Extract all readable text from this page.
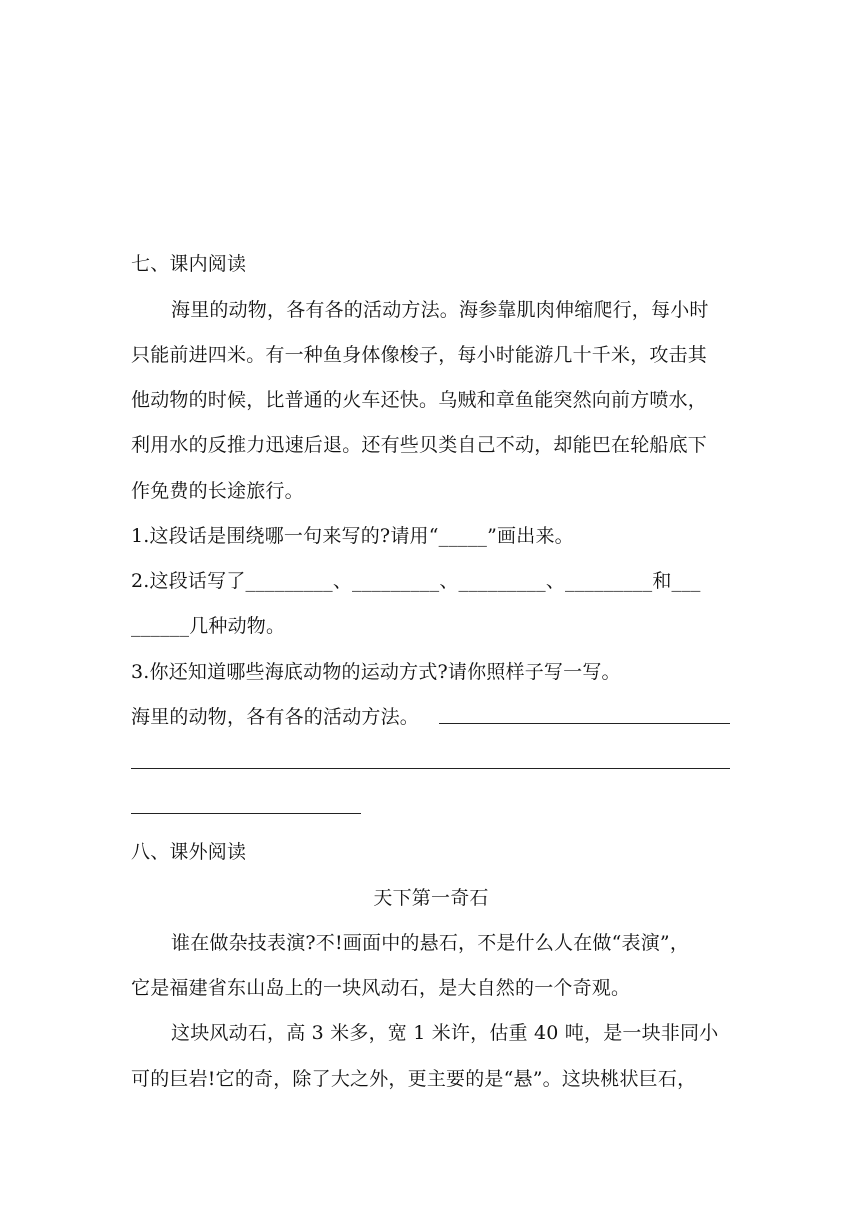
七、课内阅读
海里的动物，各有各的活动方法。海参靠肌肉伸缩爬行，每小时
只能前进四米。有一种鱼身体像梭子，每小时能游几十千米，攻击其
他动物的时候，比普通的火车还快。乌贼和章鱼能突然向前方喷水，
利用水的反推力迅速后退。还有些贝类自己不动，却能巴在轮船底下
作免费的长途旅行。
1.这段话是围绕哪一句来写的?请用“_____”画出来。
2.这段话写了_________、_________、_________、_________和___
______几种动物。
3.你还知道哪些海底动物的运动方式?请你照样子写一写。
海里的动物，各有各的活动方法。
八、课外阅读
天下第一奇石
谁在做杂技表演?不!画面中的悬石，不是什么人在做“表演”，
它是福建省东山岛上的一块风动石，是大自然的一个奇观。
这块风动石，高 3 米多，宽 1 米许，估重 40 吨，是一块非同小
可的巨岩!它的奇，除了大之外，更主要的是“悬”。这块桃状巨石，
